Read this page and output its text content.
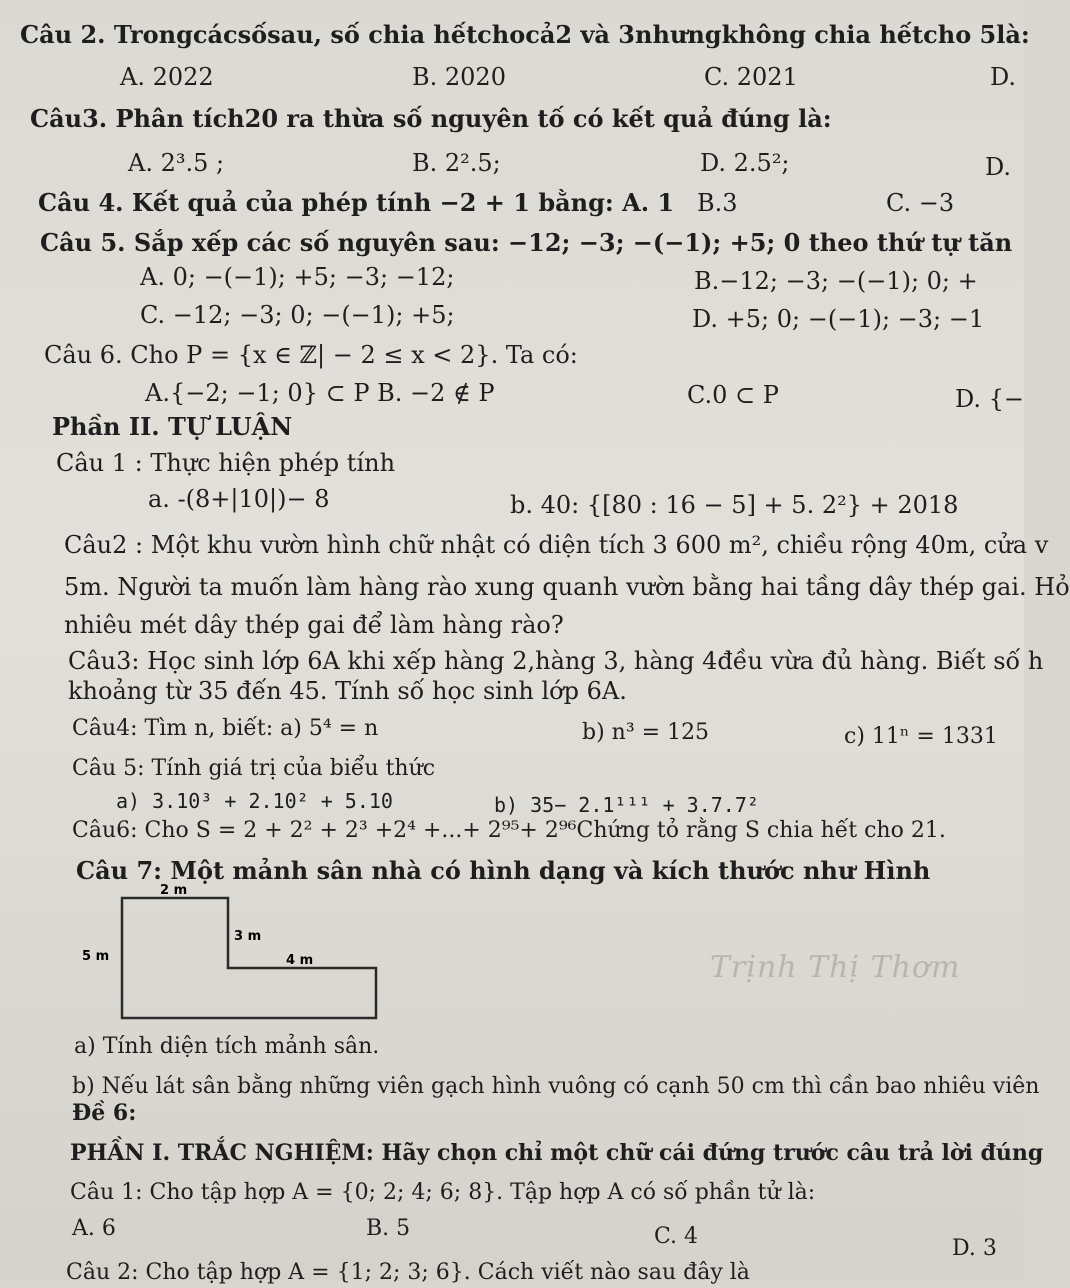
Câu 2. Trongcácsốsau, số chia hếtchocả2 và 3nhưngkhông chia hếtcho 5là:
A. 2022	B. 2020	C. 2021	D.
Câu3. Phân tích20 ra thừa số nguyên tố có kết quả đúng là:
A. 2³.5 ;	B. 2².5;	D. 2.5²;	D.
Câu 4. Kết quả của phép tính −2 + 1 bằng: A. 1 B.3	C. −3
Câu 5. Sắp xếp các số nguyên sau: −12; −3; −(−1); +5; 0 theo thứ tự tăn
A. 0; −(−1); +5; −3; −12;	B.−12; −3; −(−1); 0; +
C. −12; −3; 0; −(−1); +5;	D. +5; 0; −(−1); −3; −1
Câu 6. Cho P = {x ∈ ℤ| − 2 ≤ x < 2}. Ta có:
A.{−2; −1; 0} ⊂ P B. −2 ∉ P	C.0 ⊂ P	D. {−
Phần II. TỰ LUẬN
Câu 1 : Thực hiện phép tính
a. -(8+|10|)− 8	b. 40: {[80 : 16 − 5] + 5. 2²} + 2018
Câu2 : Một khu vườn hình chữ nhật có diện tích 3 600 m², chiều rộng 40m, cửa v
5m. Người ta muốn làm hàng rào xung quanh vườn bằng hai tầng dây thép gai. Hỏ
nhiêu mét dây thép gai để làm hàng rào?
Câu3: Học sinh lớp 6A khi xếp hàng 2,hàng 3, hàng 4đều vừa đủ hàng. Biết số h
khoảng từ 35 đến 45. Tính số học sinh lớp 6A.
Câu4: Tìm n, biết: a) 5⁴ = n	b) n³ = 125	c) 11ⁿ = 1331
Câu 5: Tính giá trị của biểu thức
a) 3.10³ + 2.10² + 5.10	b) 35− 2.1¹¹¹ + 3.7.7²
Câu6: Cho S = 2 + 2² + 2³ +2⁴ +...+ 2⁹⁵+ 2⁹⁶Chứng tỏ rằng S chia hết cho 21.
Câu 7: Một mảnh sân nhà có hình dạng và kích thước như Hình
a) Tính diện tích mảnh sân.
b) Nếu lát sân bằng những viên gạch hình vuông có cạnh 50 cm thì cần bao nhiêu viên
Đề 6:
PHẦN I. TRẮC NGHIỆM: Hãy chọn chỉ một chữ cái đứng trước câu trả lời đúng
Câu 1: Cho tập hợp A = {0; 2; 4; 6; 8}. Tập hợp A có số phần tử là:
A. 6	B. 5	C. 4	D. 3
Câu 2: Cho tập hợp A = {1; 2; 3; 6}. Cách viết nào sau đây là
2 m
5 m
3 m
4 m	Trịnh Thị Thơm
